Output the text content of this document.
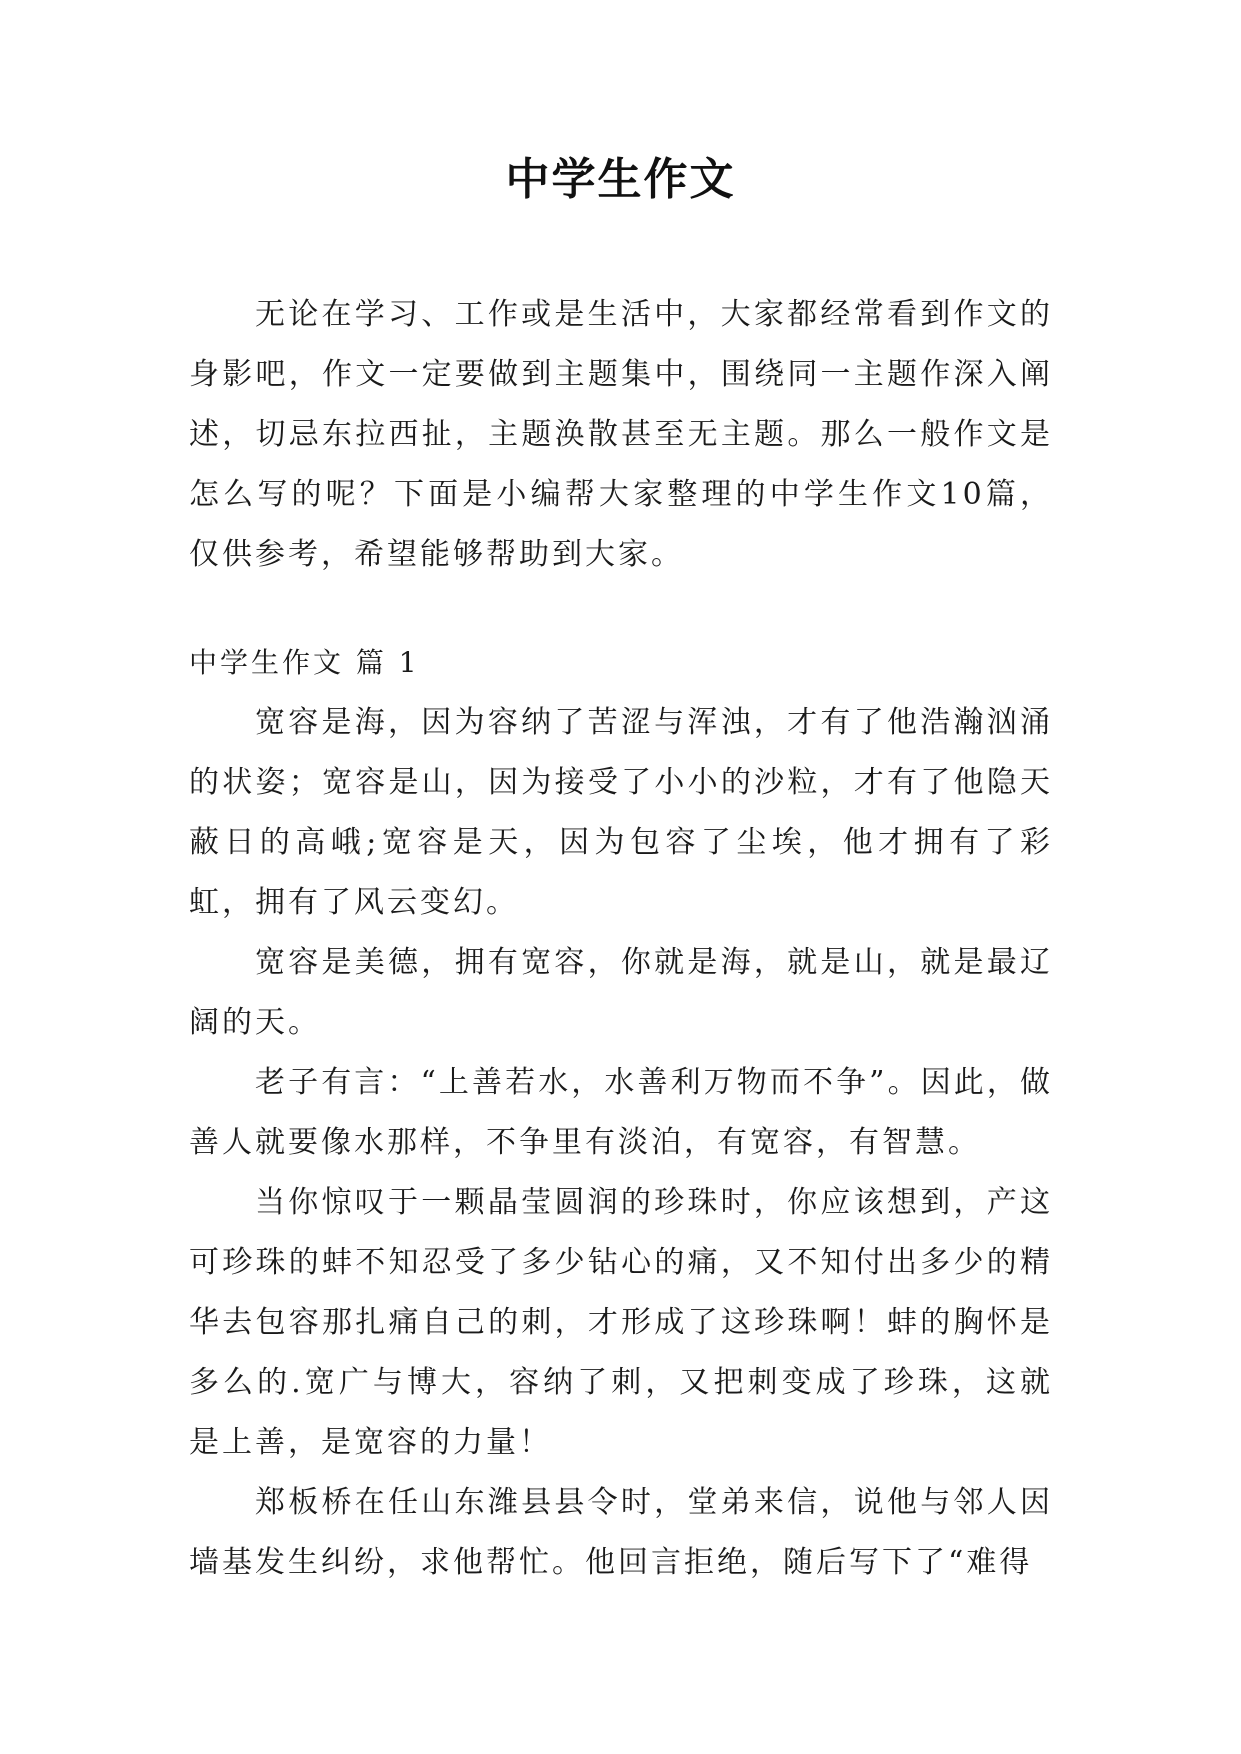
中学生作文

无论在学习、工作或是生活中，大家都经常看到作文的身影吧，作文一定要做到主题集中，围绕同一主题作深入阐述，切忌东拉西扯，主题涣散甚至无主题。那么一般作文是怎么写的呢？下面是小编帮大家整理的中学生作文10篇，仅供参考，希望能够帮助到大家。

中学生作文 篇 1

宽容是海，因为容纳了苦涩与浑浊，才有了他浩瀚汹涌的状姿；宽容是山，因为接受了小小的沙粒，才有了他隐天蔽日的高峨;宽容是天，因为包容了尘埃，他才拥有了彩虹，拥有了风云变幻。

宽容是美德，拥有宽容，你就是海，就是山，就是最辽阔的天。

老子有言：“上善若水，水善利万物而不争”。因此，做善人就要像水那样，不争里有淡泊，有宽容，有智慧。

当你惊叹于一颗晶莹圆润的珍珠时，你应该想到，产这可珍珠的蚌不知忍受了多少钻心的痛，又不知付出多少的精华去包容那扎痛自己的刺，才形成了这珍珠啊！蚌的胸怀是多么的.宽广与博大，容纳了刺，又把刺变成了珍珠，这就是上善，是宽容的力量！

郑板桥在任山东潍县县令时，堂弟来信，说他与邻人因墙基发生纠纷，求他帮忙。他回言拒绝，随后写下了“难得
